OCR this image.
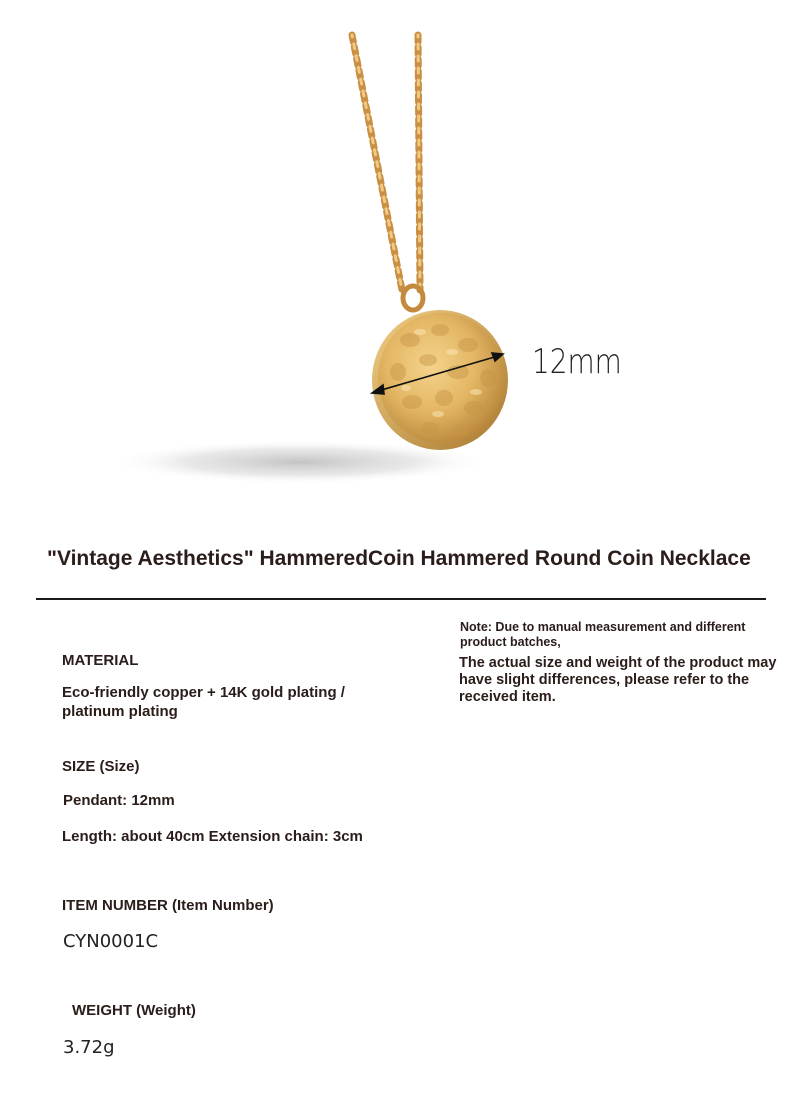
12mm
"Vintage Aesthetics" HammeredCoin Hammered Round Coin Necklace
Note: Due to manual measurement and different product batches,
The actual size and weight of the product may have slight differences, please refer to the received item.
MATERIAL
Eco-friendly copper + 14K gold plating / platinum plating
SIZE (Size)
Pendant: 12mm
Length: about 40cm Extension chain: 3cm
ITEM NUMBER (Item Number)
CYN0001C
WEIGHT (Weight)
3.72g
